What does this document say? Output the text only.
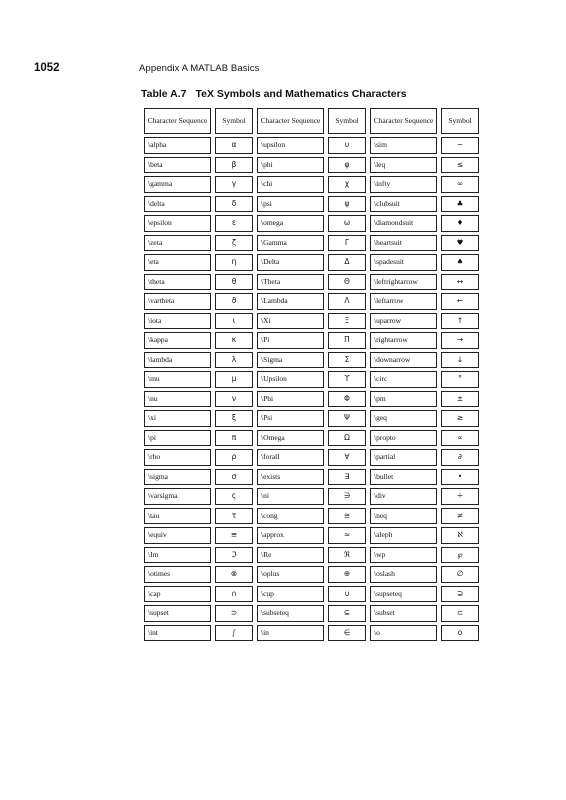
1052	Appendix A MATLAB Basics
Table A.7 TeX Symbols and Mathematics Characters
Character Sequence	Symbol	Character Sequence	Symbol	Character Sequence	Symbol
\alpha	α	\upsilon	υ	\sim	~
\beta	β	\phi	φ	\leq	≤
\gamma	γ	\chi	χ	\infty	∞
\delta	δ	\psi	ψ	\clubsuit	♣
\epsilon	ε	\omega	ω	\diamondsuit	♦
\zeta	ζ	\Gamma	Γ	\heartsuit	♥
\eta	η	\Delta	Δ	\spadesuit	♠
\theta	θ	\Theta	Θ	\leftrightarrow	↔
\vartheta	ϑ	\Lambda	Λ	\leftarrow	←
\iota	ι	\Xi	Ξ	\uparrow	↑
\kappa	κ	\Pi	Π	\rightarrow	→
\lambda	λ	\Sigma	Σ	\downarrow	↓
\mu	µ	\Upsilon	ϒ	\circ	°
\nu	ν	\Phi	Φ	\pm	±
\xi	ξ	\Psi	Ψ	\geq	≥
\pi	π	\Omega	Ω	\propto	∝
\rho	ρ	\forall	∀	\partial	∂
\sigma	σ	\exists	∃	\bullet	•
\varsigma	ς	\ni	∋	\div	÷
\tau	τ	\cong	≅	\neq	≠
\equiv	≡	\approx	≈	\aleph	ℵ
\Im	ℑ	\Re	ℜ	\wp	℘
\otimes	⊗	\oplus	⊕	\oslash	∅
\cap	∩	\cup	∪	\supseteq	⊇
\supset	⊃	\subseteq	⊆	\subset	⊂
\int	∫	\in	∈	\o	ο
